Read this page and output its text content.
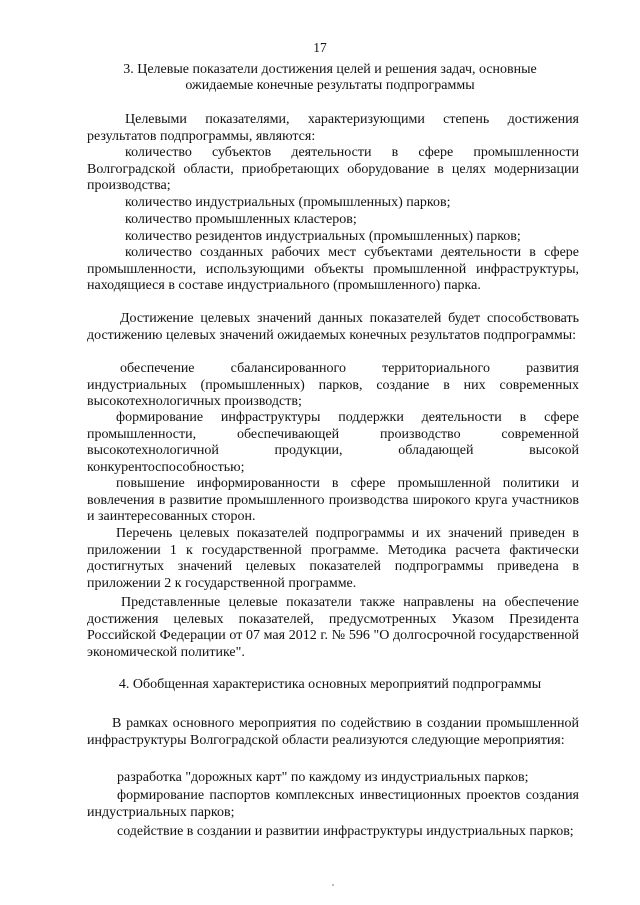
17
3. Целевые показатели достижения целей и решения задач, основные ожидаемые конечные результаты подпрограммы

Целевыми показателями, характеризующими степень достижения результатов подпрограммы, являются:

количество субъектов деятельности в сфере промышленности Волгоградской области, приобретающих оборудование в целях модернизации производства;

количество индустриальных (промышленных) парков;

количество промышленных кластеров;

количество резидентов индустриальных (промышленных) парков;

количество созданных рабочих мест субъектами деятельности в сфере промышленности, использующими объекты промышленной инфраструктуры, находящиеся в составе индустриального (промышленного) парка.

Достижение целевых значений данных показателей будет способствовать достижению целевых значений ожидаемых конечных результатов подпрограммы:

обеспечение сбалансированного территориального развития индустриальных (промышленных) парков, создание в них современных высокотехнологичных производств;

формирование инфраструктуры поддержки деятельности в сфере промышленности, обеспечивающей производство современной высокотехнологичной продукции, обладающей высокой конкурентоспособностью;

повышение информированности в сфере промышленной политики и вовлечения в развитие промышленного производства широкого круга участников и заинтересованных сторон.

Перечень целевых показателей подпрограммы и их значений приведен в приложении 1 к государственной программе. Методика расчета фактически достигнутых значений целевых показателей подпрограммы приведена в приложении 2 к государственной программе.

Представленные целевые показатели также направлены на обеспечение достижения целевых показателей, предусмотренных Указом Президента Российской Федерации от 07 мая 2012 г. № 596 "О долгосрочной государственной экономической политике".

4. Обобщенная характеристика основных мероприятий подпрограммы

В рамках основного мероприятия по содействию в создании промышленной инфраструктуры Волгоградской области реализуются следующие мероприятия:

разработка "дорожных карт" по каждому из индустриальных парков;

формирование паспортов комплексных инвестиционных проектов создания индустриальных парков;

содействие в создании и развитии инфраструктуры индустриальных парков;
